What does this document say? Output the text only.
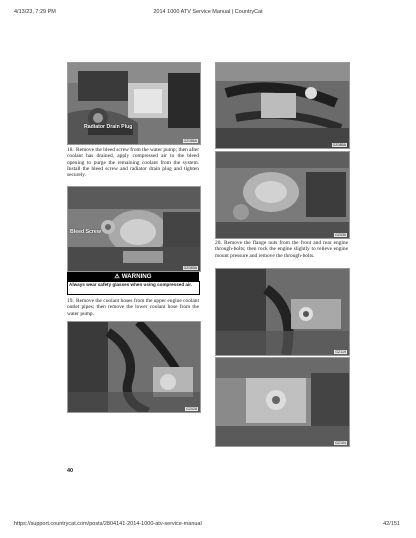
4/13/23, 7:29 PM	2014 1000 ATV Service Manual | CountryCat
Radiator Drain Plug
GZ086A
18. Remove the bleed screw from the water pump; then after coolant has drained, apply compressed air to the bleed opening to purge the remaining coolant from the system. Install the bleed screw and radiator drain plug and tighten securely.
Bleed Screw
GZ089A
⚠ WARNING
Always wear safety glasses when using compressed air.
19. Remove the coolant hoses from the upper engine coolant outlet pipes; then remove the lower coolant hose from the water pump.
GZ028
GZ085A
GZ030
20. Remove the flange nuts from the front and rear engine through-bolts; then rock the engine slightly to relieve engine mount pressure and remove the through-bolts.
GZ119
GZ104
40
https://support.countrycat.com/posts/2804141-2014-1000-atv-service-manual	42/151
